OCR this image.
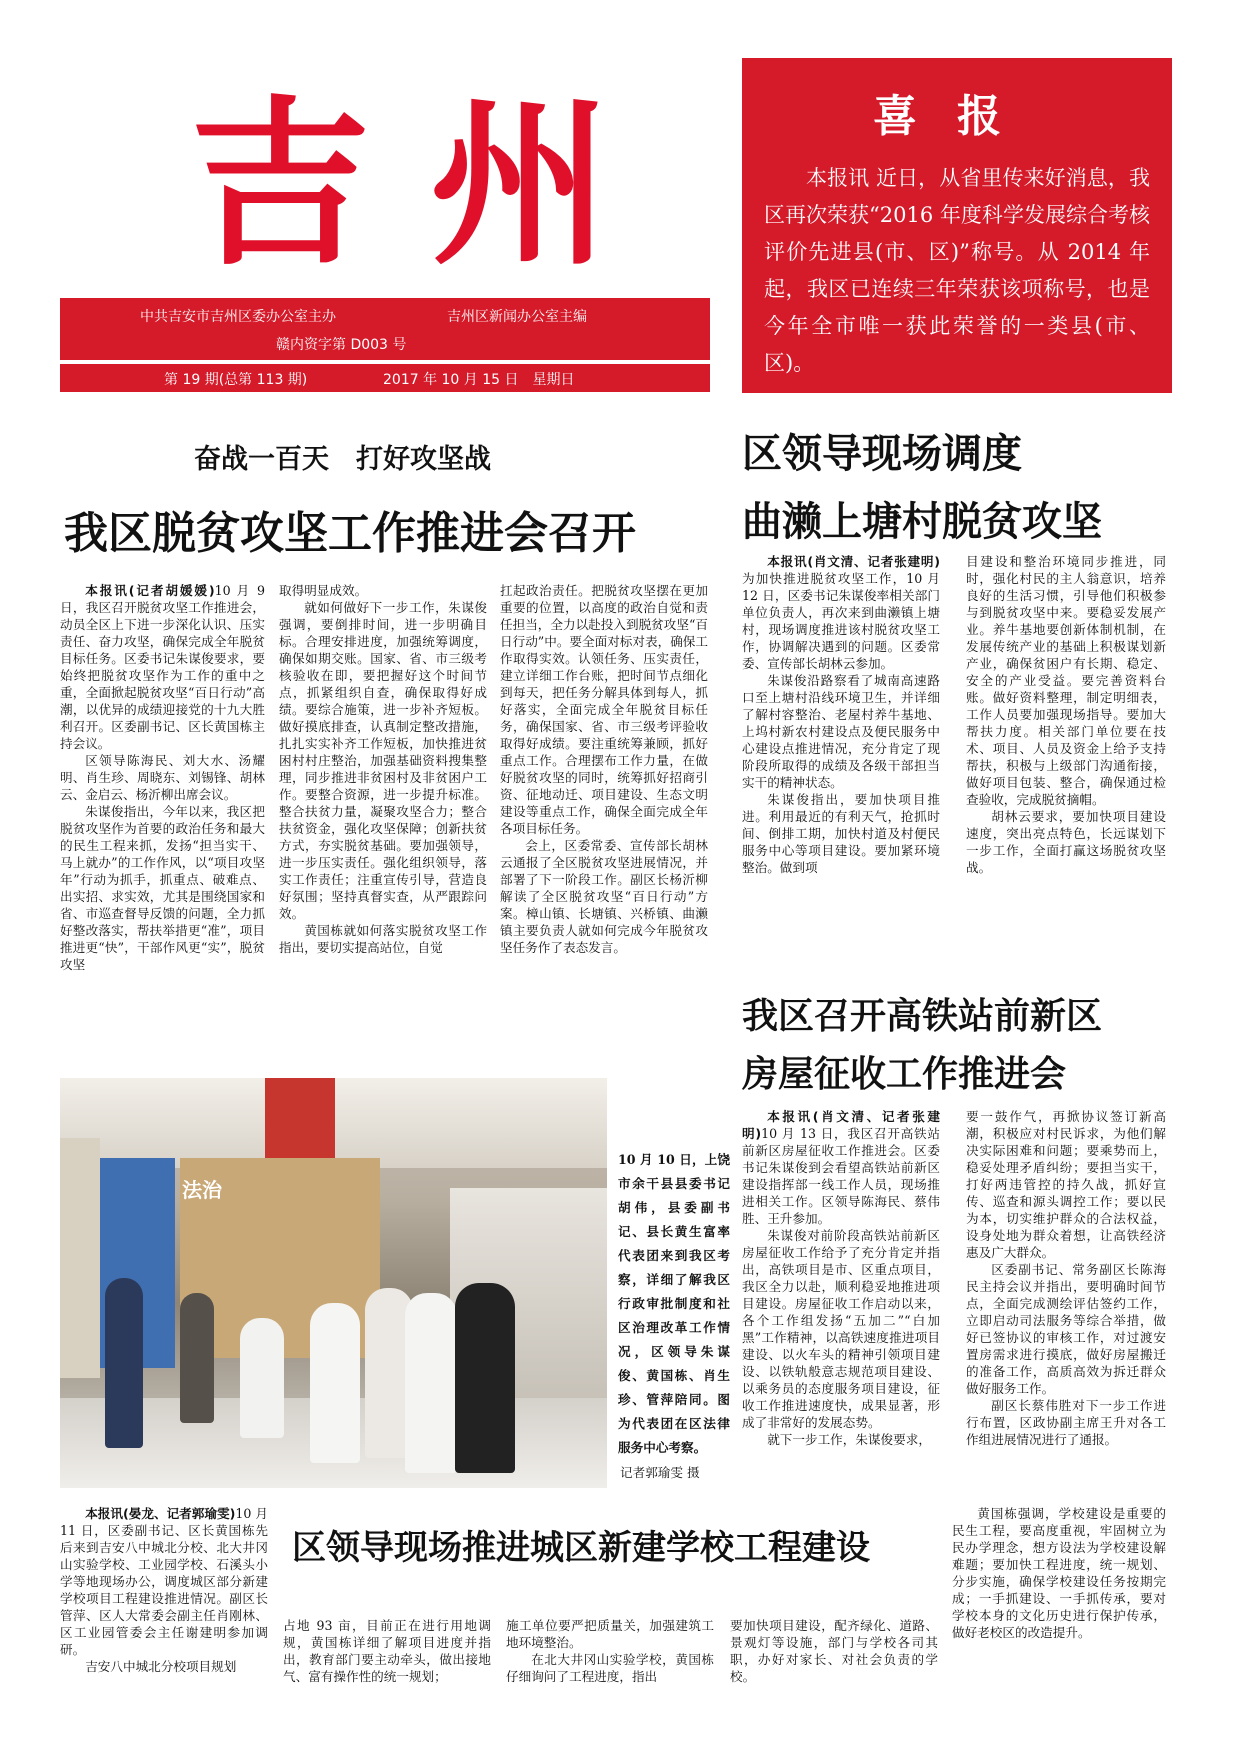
吉州
中共吉安市吉州区委办公室主办	吉州区新闻办公室主编
赣内资字第 D003 号
第 19 期(总第 113 期)	2017 年 10 月 15 日　星期日
喜报

本报讯 近日，从省里传来好消息，我区再次荣获“2016 年度科学发展综合考核评价先进县(市、区)”称号。从 2014 年起，我区已连续三年荣获该项称号，也是今年全市唯一获此荣誉的一类县(市、区)。

奋战一百天　打好攻坚战
我区脱贫攻坚工作推进会召开

本报讯(记者胡媛媛)10 月 9 日，我区召开脱贫攻坚工作推进会，动员全区上下进一步深化认识、压实责任、奋力攻坚，确保完成全年脱贫目标任务。区委书记朱谋俊要求，要始终把脱贫攻坚作为工作的重中之重，全面掀起脱贫攻坚“百日行动”高潮，以优异的成绩迎接党的十九大胜利召开。区委副书记、区长黄国栋主持会议。

区领导陈海民、刘大水、汤耀明、肖生珍、周晓东、刘锡锋、胡林云、金启云、杨沂柳出席会议。

朱谋俊指出，今年以来，我区把脱贫攻坚作为首要的政治任务和最大的民生工程来抓，发扬“担当实干、马上就办”的工作作风，以“项目攻坚年”行动为抓手，抓重点、破难点、出实招、求实效，尤其是围绕国家和省、市巡查督导反馈的问题，全力抓好整改落实，帮扶举措更“准”，项目推进更“快”，干部作风更“实”，脱贫攻坚

取得明显成效。

就如何做好下一步工作，朱谋俊强调，要倒排时间，进一步明确目标。合理安排进度，加强统筹调度，确保如期交账。国家、省、市三级考核验收在即，要把握好这个时间节点，抓紧组织自查，确保取得好成绩。要综合施策，进一步补齐短板。做好摸底排查，认真制定整改措施，扎扎实实补齐工作短板，加快推进贫困村村庄整治，加强基础资料搜集整理，同步推进非贫困村及非贫困户工作。要整合资源，进一步提升标准。整合扶贫力量，凝聚攻坚合力；整合扶贫资金，强化攻坚保障；创新扶贫方式，夯实脱贫基础。要加强领导，进一步压实责任。强化组织领导，落实工作责任；注重宣传引导，营造良好氛围；坚持真督实查，从严跟踪问效。

黄国栋就如何落实脱贫攻坚工作指出，要切实提高站位，自觉

扛起政治责任。把脱贫攻坚摆在更加重要的位置，以高度的政治自觉和责任担当，全力以赴投入到脱贫攻坚“百日行动”中。要全面对标对表，确保工作取得实效。认领任务、压实责任，建立详细工作台账，把时间节点细化到每天，把任务分解具体到每人，抓好落实，全面完成全年脱贫目标任务，确保国家、省、市三级考评验收取得好成绩。要注重统筹兼顾，抓好重点工作。合理摆布工作力量，在做好脱贫攻坚的同时，统筹抓好招商引资、征地动迁、项目建设、生态文明建设等重点工作，确保全面完成全年各项目标任务。

会上，区委常委、宣传部长胡林云通报了全区脱贫攻坚进展情况，并部署了下一阶段工作。副区长杨沂柳解读了全区脱贫攻坚“百日行动”方案。樟山镇、长塘镇、兴桥镇、曲濑镇主要负责人就如何完成今年脱贫攻坚任务作了表态发言。

区领导现场调度
曲濑上塘村脱贫攻坚

本报讯(肖文清、记者张建明)为加快推进脱贫攻坚工作，10 月 12 日，区委书记朱谋俊率相关部门单位负责人，再次来到曲濑镇上塘村，现场调度推进该村脱贫攻坚工作，协调解决遇到的问题。区委常委、宣传部长胡林云参加。

朱谋俊沿路察看了城南高速路口至上塘村沿线环境卫生，并详细了解村容整治、老屋村养牛基地、上坞村新农村建设点及便民服务中心建设点推进情况，充分肯定了现阶段所取得的成绩及各级干部担当实干的精神状态。

朱谋俊指出，要加快项目推进。利用最近的有利天气，抢抓时间、倒排工期，加快村道及村便民服务中心等项目建设。要加紧环境整治。做到项

目建设和整治环境同步推进，同时，强化村民的主人翁意识，培养良好的生活习惯，引导他们积极参与到脱贫攻坚中来。要稳妥发展产业。养牛基地要创新体制机制，在发展传统产业的基础上积极谋划新产业，确保贫困户有长期、稳定、安全的产业受益。要完善资料台账。做好资料整理，制定明细表，工作人员要加强现场指导。要加大帮扶力度。相关部门单位要在技术、项目、人员及资金上给予支持帮扶，积极与上级部门沟通衔接，做好项目包装、整合，确保通过检查验收，完成脱贫摘帽。

胡林云要求，要加快项目建设速度，突出亮点特色，长远谋划下一步工作，全面打赢这场脱贫攻坚战。

我区召开高铁站前新区
房屋征收工作推进会

本报讯(肖文清、记者张建明)10 月 13 日，我区召开高铁站前新区房屋征收工作推进会。区委书记朱谋俊到会看望高铁站前新区建设指挥部一线工作人员，现场推进相关工作。区领导陈海民、蔡伟胜、王升参加。

朱谋俊对前阶段高铁站前新区房屋征收工作给予了充分肯定并指出，高铁项目是市、区重点项目，我区全力以赴，顺利稳妥地推进项目建设。房屋征收工作启动以来，各个工作组发扬“五加二”“白加黑”工作精神，以高铁速度推进项目建设、以火车头的精神引领项目建设、以铁轨般意志规范项目建设、以乘务员的态度服务项目建设，征收工作推进速度快，成果显著，形成了非常好的发展态势。

就下一步工作，朱谋俊要求，

要一鼓作气，再掀协议签订新高潮，积极应对村民诉求，为他们解决实际困难和问题；要乘势而上，稳妥处理矛盾纠纷；要担当实干，打好两违管控的持久战，抓好宣传、巡查和源头调控工作；要以民为本，切实维护群众的合法权益，设身处地为群众着想，让高铁经济惠及广大群众。

区委副书记、常务副区长陈海民主持会议并指出，要明确时间节点，全面完成测绘评估签约工作，立即启动司法服务等综合举措，做好已签协议的审核工作，对过渡安置房需求进行摸底，做好房屋搬迁的准备工作，高质高效为拆迁群众做好服务工作。

副区长蔡伟胜对下一步工作进行布置，区政协副主席王升对各工作组进展情况进行了通报。

法治
10 月 10 日，上饶市余干县县委书记胡伟，县委副书记、县长黄生富率代表团来到我区考察，详细了解我区行政审批制度和社区治理改革工作情况，区领导朱谋俊、黄国栋、肖生珍、管萍陪同。图为代表团在区法律服务中心考察。
记者郭瑜雯 摄
区领导现场推进城区新建学校工程建设

本报讯(晏龙、记者郭瑜雯)10 月 11 日，区委副书记、区长黄国栋先后来到吉安八中城北分校、北大井冈山实验学校、工业园学校、石溪头小学等地现场办公，调度城区部分新建学校项目工程建设推进情况。副区长管萍、区人大常委会副主任肖刚林、区工业园管委会主任谢建明参加调研。

吉安八中城北分校项目规划

占地 93 亩，目前正在进行用地调规，黄国栋详细了解项目进度并指出，教育部门要主动牵头，做出接地气、富有操作性的统一规划；

施工单位要严把质量关，加强建筑工地环境整治。

在北大井冈山实验学校，黄国栋仔细询问了工程进度，指出

要加快项目建设，配齐绿化、道路、景观灯等设施，部门与学校各司其职，办好对家长、对社会负责的学校。

黄国栋强调，学校建设是重要的民生工程，要高度重视，牢固树立为民办学理念，想方设法为学校建设解难题；要加快工程进度，统一规划、分步实施，确保学校建设任务按期完成；一手抓建设、一手抓传承，要对学校本身的文化历史进行保护传承，做好老校区的改造提升。
